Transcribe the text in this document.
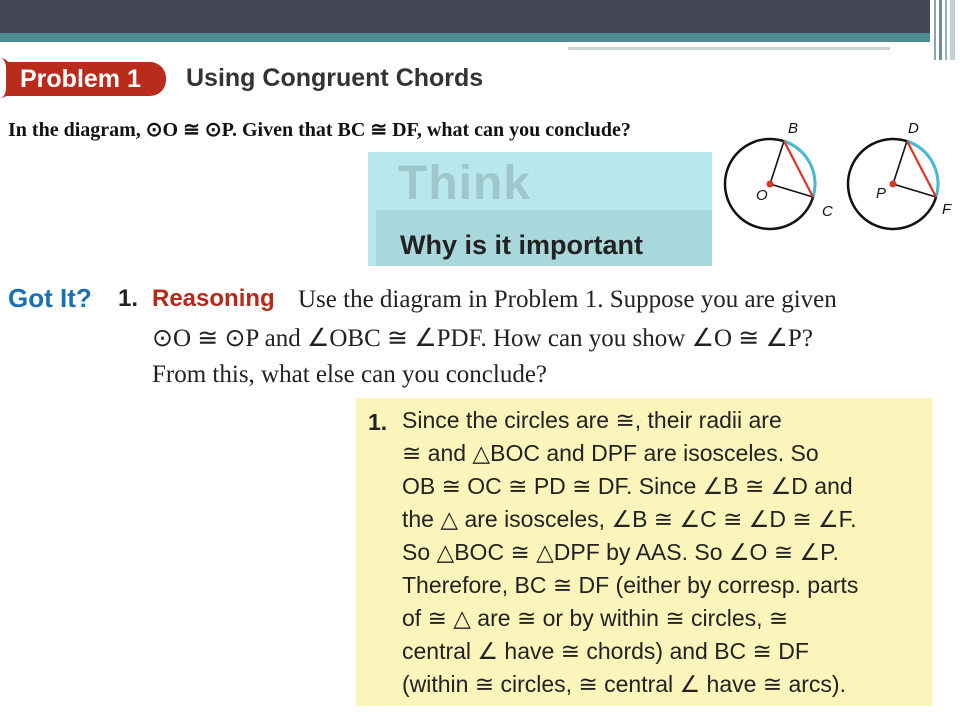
Problem 1	Using Congruent Chords
In the diagram, ⊙O ≅ ⊙P. Given that BC ≅ DF, what can you conclude?
Think
Why is it important
O
B
C
P
D
F
Got It? 1. Reasoning Use the diagram in Problem 1. Suppose you are given
⊙O ≅ ⊙P and ∠OBC ≅ ∠PDF. How can you show ∠O ≅ ∠P?
From this, what else can you conclude?
1. Since the circles are ≅, their radii are
≅ and △BOC and DPF are isosceles. So
OB ≅ OC ≅ PD ≅ DF. Since ∠B ≅ ∠D and
the △ are isosceles, ∠B ≅ ∠C ≅ ∠D ≅ ∠F.
So △BOC ≅ △DPF by AAS. So ∠O ≅ ∠P.
Therefore, BC ≅ DF (either by corresp. parts
of ≅ △ are ≅ or by within ≅ circles, ≅
central ∠ have ≅ chords) and BC ≅ DF
(within ≅ circles, ≅ central ∠ have ≅ arcs).
